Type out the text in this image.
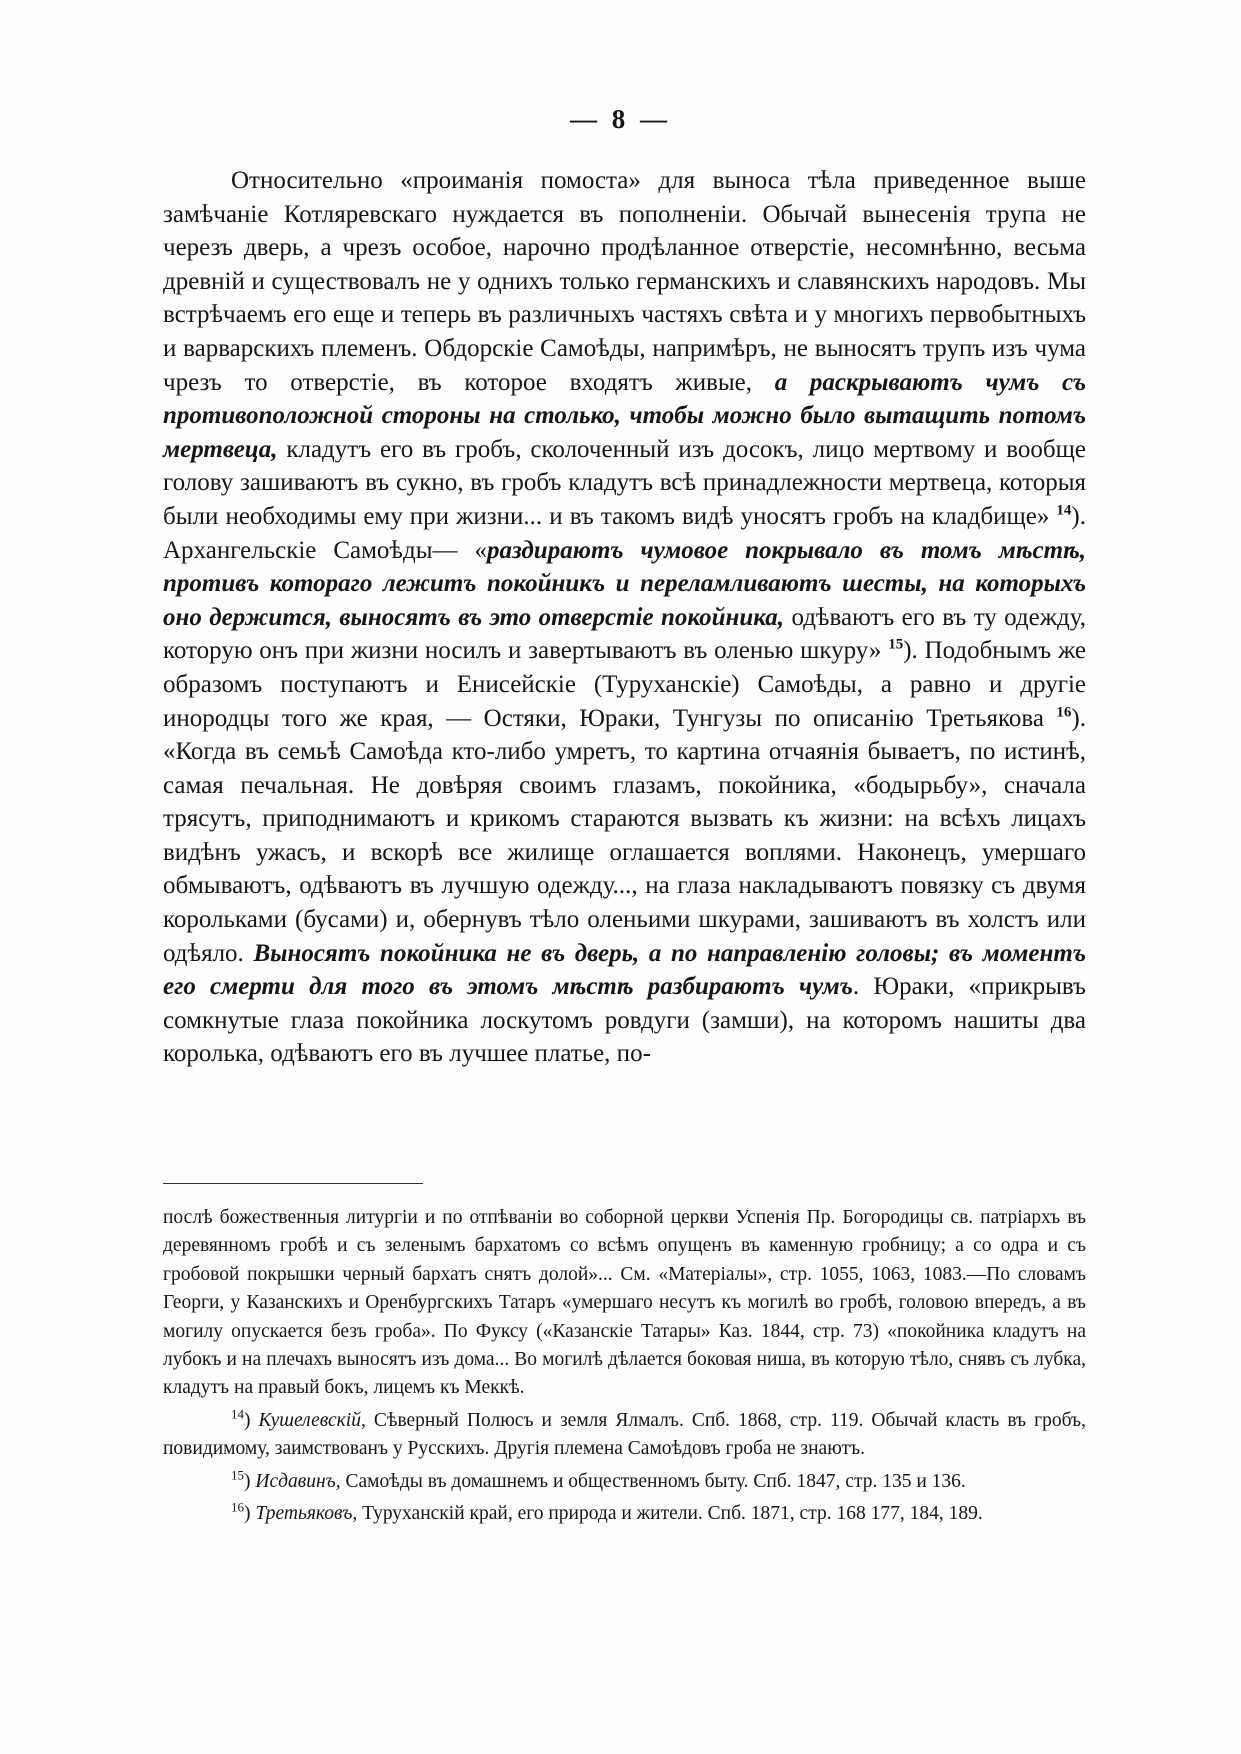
— 8 —

Относительно «проиманія помоста» для выноса тѣла приведенное выше замѣчаніе Котляревскаго нуждается въ пополненіи. Обычай вынесенія трупа не черезъ дверь, а чрезъ особое, нарочно продѣланное отверстіе, несомнѣнно, весьма древній и существовалъ не у однихъ только германскихъ и славянскихъ народовъ. Мы встрѣчаемъ его еще и теперь въ различныхъ частяхъ свѣта и у многихъ первобытныхъ и варварскихъ племенъ. Обдорскіе Самоѣды, напримѣръ, не выносятъ трупъ изъ чума чрезъ то отверстіе, въ которое входятъ живые, а раскрываютъ чумъ съ противоположной стороны на столько, чтобы можно было вытащить потомъ мертвеца, кладутъ его въ гробъ, сколоченный изъ досокъ, лицо мертвому и вообще голову зашиваютъ въ сукно, въ гробъ кладутъ всѣ принадлежности мертвеца, которыя были необходимы ему при жизни... и въ такомъ видѣ уносятъ гробъ на кладбище» $^{14}$). Архангельскіе Самоѣды— «раздираютъ чумовое покрывало въ томъ мѣстѣ, противъ котораго лежитъ покойникъ и переламливаютъ шесты, на которыхъ оно держится, выносятъ въ это отверстіе покойника, одѣваютъ его въ ту одежду, которую онъ при жизни носилъ и завертываютъ въ оленью шкуру» $^{15}$). Подобнымъ же образомъ поступаютъ и Енисейскіе (Туруханскіе) Самоѣды, а равно и другіе инородцы того же края, — Остяки, Юраки, Тунгузы по описанію Третьякова $^{16}$). «Когда въ семьѣ Самоѣда кто-либо умретъ, то картина отчаянія бываетъ, по истинѣ, самая печальная. Не довѣряя своимъ глазамъ, покойника, «бодырьбу», сначала трясутъ, приподнимаютъ и крикомъ стараются вызвать къ жизни: на всѣхъ лицахъ видѣнъ ужасъ, и вскорѣ все жилище оглашается воплями. Наконецъ, умершаго обмываютъ, одѣваютъ въ лучшую одежду..., на глаза накладываютъ повязку съ двумя корольками (бусами) и, обернувъ тѣло оленьими шкурами, зашиваютъ въ холстъ или одѣяло. Выносятъ покойника не въ дверь, а по направленію головы; въ моментъ его смерти для того въ этомъ мѣстѣ разбираютъ чумъ. Юраки, «прикрывъ сомкнутые глаза покойника лоскутомъ ровдуги (замши), на которомъ нашиты два королька, одѣваютъ его въ лучшее платье, по-

послѣ божественныя литургіи и по отпѣваніи во соборной церкви Успенія Пр. Богородицы св. патріархъ въ деревянномъ гробѣ и съ зеленымъ бархатомъ со всѣмъ опущенъ въ каменную гробницу; а со одра и съ гробовой покрышки черный бархатъ снятъ долой»... См. «Матеріалы», стр. 1055, 1063, 1083.—По словамъ Георги, у Казанскихъ и Оренбургскихъ Татаръ «умершаго несутъ къ могилѣ во гробѣ, головою впередъ, а въ могилу опускается безъ гроба». По Фуксу («Казанскіе Татары» Каз. 1844, стр. 73) «покойника кладутъ на лубокъ и на плечахъ выносятъ изъ дома... Во могилѣ дѣлается боковая ниша, въ которую тѣло, снявъ съ лубка, кладутъ на правый бокъ, лицемъ къ Меккѣ.

$^{14}$) Кушелевскій, Сѣверный Полюсъ и земля Ялмалъ. Спб. 1868, стр. 119. Обычай класть въ гробъ, повидимому, заимствованъ у Русскихъ. Другія племена Самоѣдовъ гроба не знаютъ.

$^{15}$) Исдавинъ, Самоѣды въ домашнемъ и общественномъ быту. Спб. 1847, стр. 135 и 136.

$^{16}$) Третьяковъ, Туруханскій край, его природа и жители. Спб. 1871, стр. 168 177, 184, 189.
